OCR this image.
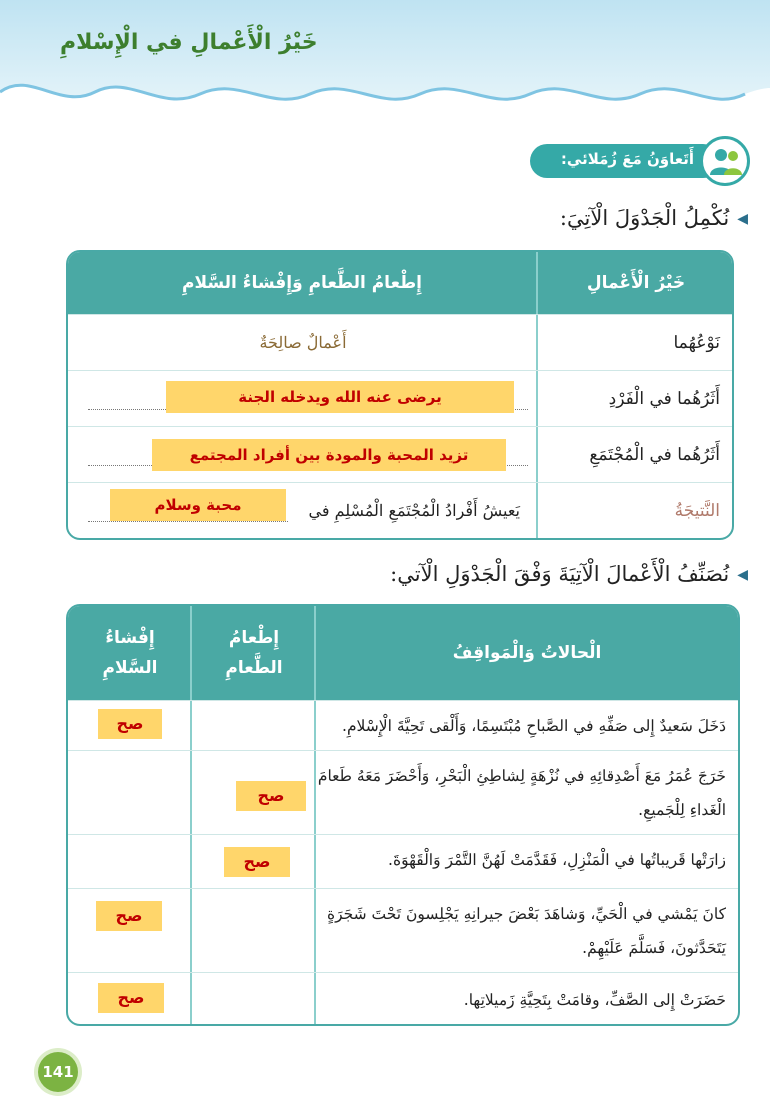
خَيْرُ الْأَعْمالِ في الْإِسْلامِ
أَتَعاوَنُ مَعَ زُمَلائي:
◀نُكْمِلُ الْجَدْوَلَ الْآتِيَ:
خَيْرُ الْأَعْمالِ
إِطْعامُ الطَّعامِ وَإِفْشاءُ السَّلامِ
نَوْعُهُما
أَعْمالٌ صالِحَةٌ
أَثَرُهُما في الْفَرْدِ
يرضى عنه الله ويدخله الجنة
أَثَرُهُما في الْمُجْتَمَعِ
تزيد المحبة والمودة بين أفراد المجتمع
النَّتيجَةُ
يَعيشُ أَفْرادُ الْمُجْتَمَعِ الْمُسْلِمِ في
محبة وسلام
◀نُصَنِّفُ الْأَعْمالَ الْآتِيَةَ وَفْقَ الْجَدْوَلِ الْآتي:
الْحالاتُ وَالْمَواقِفُ
إِطْعامُ الطَّعامِ
إِفْشاءُ السَّلامِ
دَخَلَ سَعيدٌ إِلى صَفِّهِ في الصَّباحِ مُبْتَسِمًا، وَأَلْقى تَحِيَّةَ الْإِسْلامِ.
صح
خَرَجَ عُمَرُ مَعَ أَصْدِقائِهِ في نُزْهَةٍ لِشاطِئِ الْبَحْرِ، وَأَحْضَرَ مَعَهُ طَعامَ الْغَداءِ لِلْجَميعِ.
صح
زارَتْها قَريباتُها في الْمَنْزِلِ، فَقَدَّمَتْ لَهُنَّ التَّمْرَ وَالْقَهْوَةَ.
صح
كانَ يَمْشي في الْحَيِّ، وَشاهَدَ بَعْضَ جيرانِهِ يَجْلِسونَ تَحْتَ شَجَرَةٍ يَتَحَدَّثونَ، فَسَلَّمَ عَلَيْهِمْ.
صح
حَضَرَتْ إِلى الصَّفِّ، وقامَتْ بِتَحِيَّةِ زَميلاتِها.
صح
141
